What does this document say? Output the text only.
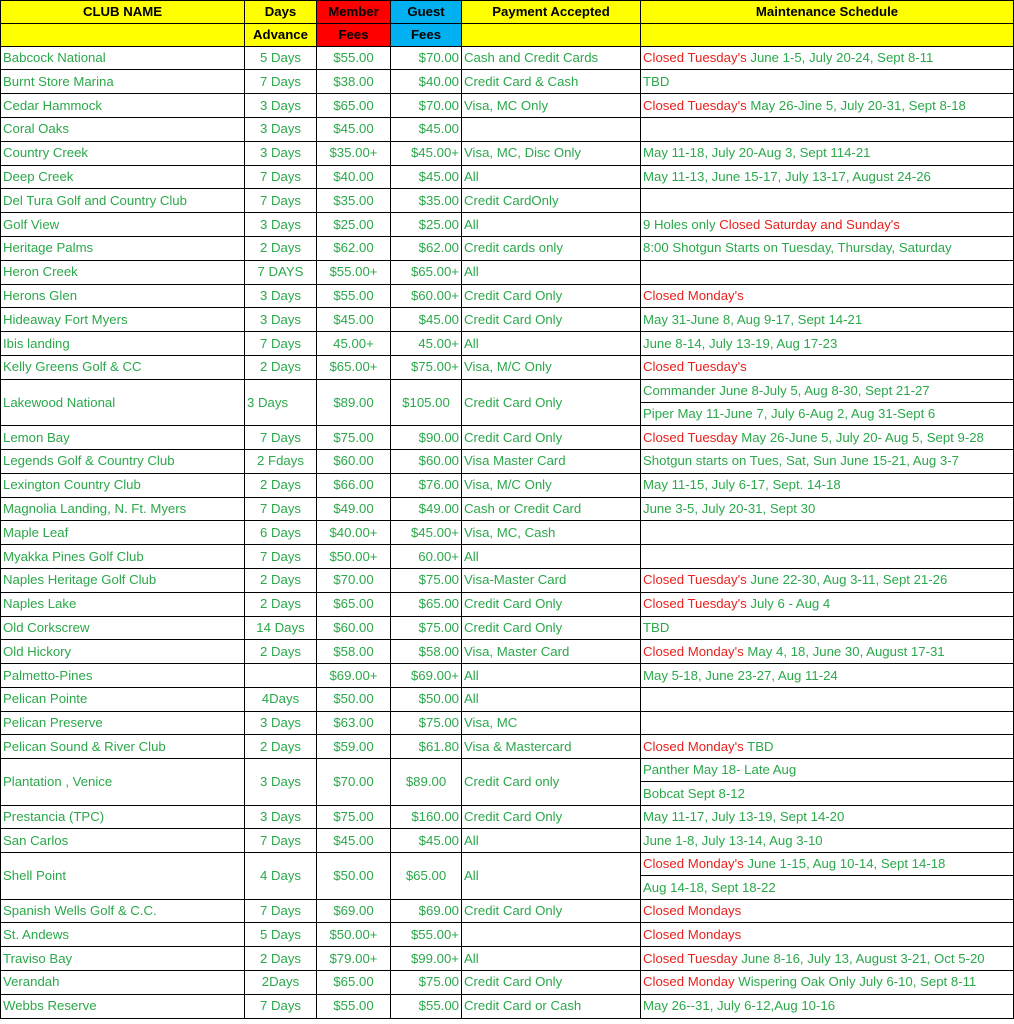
CLUB NAME	Days	Member	Guest	Payment Accepted	Maintenance Schedule
	Advance	Fees	Fees		
Babcock National	5 Days	$55.00	$70.00	Cash and Credit Cards	Closed Tuesday's June 1-5, July 20-24, Sept 8-11
Burnt Store Marina	7 Days	$38.00	$40.00	Credit Card & Cash	TBD
Cedar Hammock	3 Days	$65.00	$70.00	Visa, MC Only	Closed Tuesday's May 26-Jine 5, July 20-31, Sept 8-18
Coral Oaks	3 Days	$45.00	$45.00		
Country Creek	3 Days	$35.00+	$45.00+	Visa, MC, Disc Only	May 11-18, July 20-Aug 3, Sept 114-21
Deep Creek	7 Days	$40.00	$45.00	All	May 11-13, June 15-17, July 13-17, August 24-26
Del Tura Golf and Country Club	7 Days	$35.00	$35.00	Credit CardOnly	
Golf View	3 Days	$25.00	$25.00	All	9 Holes only Closed Saturday and Sunday's
Heritage Palms	2 Days	$62.00	$62.00	Credit cards only	8:00 Shotgun Starts on Tuesday, Thursday, Saturday
Heron Creek	7 DAYS	$55.00+	$65.00+	All	
Herons Glen	3 Days	$55.00	$60.00+	Credit Card Only	Closed Monday's
Hideaway Fort Myers	3 Days	$45.00	$45.00	Credit Card Only	May 31-June 8, Aug 9-17, Sept 14-21
Ibis landing	7 Days	45.00+	45.00+	All	June 8-14, July 13-19, Aug 17-23
Kelly Greens Golf & CC	2 Days	$65.00+	$75.00+	Visa, M/C Only	Closed Tuesday's
Lakewood National	3 Days	$89.00	$105.00	Credit Card Only	Commander June 8-July 5, Aug 8-30, Sept 21-27
					Piper May 11-June 7, July 6-Aug 2, Aug 31-Sept 6
Lemon Bay	7 Days	$75.00	$90.00	Credit Card Only	Closed Tuesday May 26-June 5, July 20- Aug 5, Sept 9-28
Legends Golf & Country Club	2 Fdays	$60.00	$60.00	Visa Master Card	Shotgun starts on Tues, Sat, Sun June 15-21, Aug 3-7
Lexington Country Club	2 Days	$66.00	$76.00	Visa, M/C Only	May 11-15, July 6-17, Sept. 14-18
Magnolia Landing, N. Ft. Myers	7 Days	$49.00	$49.00	Cash or Credit Card	June 3-5, July 20-31, Sept 30
Maple Leaf	6 Days	$40.00+	$45.00+	Visa, MC, Cash	
Myakka Pines Golf Club	7 Days	$50.00+	60.00+	All	
Naples Heritage Golf Club	2 Days	$70.00	$75.00	Visa-Master Card	Closed Tuesday's June 22-30, Aug 3-11, Sept 21-26
Naples Lake	2 Days	$65.00	$65.00	Credit Card Only	Closed Tuesday's July 6 - Aug 4
Old Corkscrew	14 Days	$60.00	$75.00	Credit Card Only	TBD
Old Hickory	2 Days	$58.00	$58.00	Visa, Master Card	Closed Monday's May 4, 18, June 30, August 17-31
Palmetto-Pines		$69.00+	$69.00+	All	May 5-18, June 23-27, Aug 11-24
Pelican Pointe	4Days	$50.00	$50.00	All	
Pelican Preserve	3 Days	$63.00	$75.00	Visa, MC	
Pelican Sound & River Club	2 Days	$59.00	$61.80	Visa & Mastercard	Closed Monday's TBD
Plantation , Venice	3 Days	$70.00	$89.00	Credit Card only	Panther May 18- Late Aug
					Bobcat Sept 8-12
Prestancia (TPC)	3 Days	$75.00	$160.00	Credit Card Only	May 11-17, July 13-19, Sept 14-20
San Carlos	7 Days	$45.00	$45.00	All	June 1-8, July 13-14, Aug 3-10
Shell Point	4 Days	$50.00	$65.00	All	Closed Monday's June 1-15, Aug 10-14, Sept 14-18
					Aug 14-18, Sept 18-22
Spanish Wells Golf & C.C.	7 Days	$69.00	$69.00	Credit Card Only	Closed Mondays
St. Andews	5 Days	$50.00+	$55.00+		Closed Mondays
Traviso Bay	2 Days	$79.00+	$99.00+	All	Closed Tuesday June 8-16, July 13, August 3-21, Oct 5-20
Verandah	2Days	$65.00	$75.00	Credit Card Only	Closed Monday Wispering Oak Only July 6-10, Sept 8-11
Webbs Reserve	7 Days	$55.00	$55.00	Credit Card or Cash	May 26--31, July 6-12,Aug 10-16
